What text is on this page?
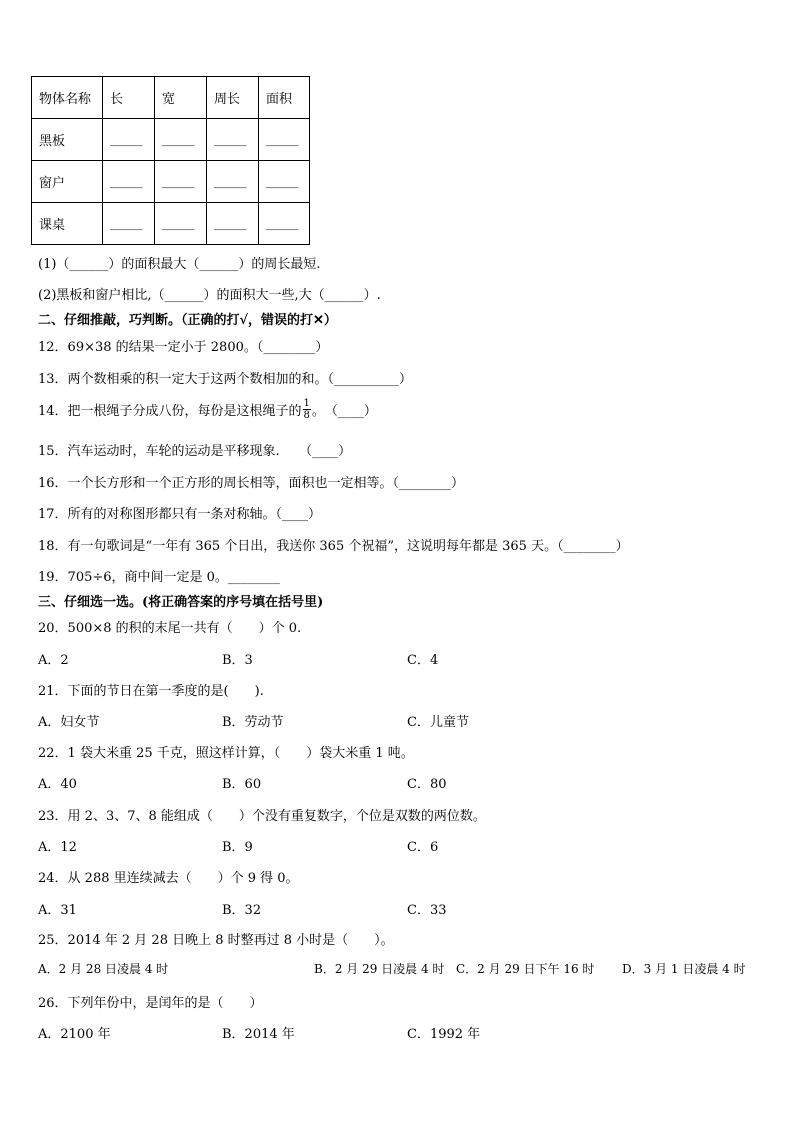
物体名称	长	宽	周长	面积
黑板	_____	_____	_____	_____
窗户	_____	_____	_____	_____
课桌	_____	_____	_____	_____
(1)（______）的面积最大（______）的周长最短.
(2)黑板和窗户相比,（______）的面积大一些,大（______）.
二、仔细推敲，巧判断。（正确的打√，错误的打✕）
12．69×38 的结果一定小于 2800。（________）
13．两个数相乘的积一定大于这两个数相加的和。（__________）
14．把一根绳子分成八份，每份是这根绳子的 $\frac{1}{8}$ 。　（____）
15．汽车运动时，车轮的运动是平移现象.　　（____）
16．一个长方形和一个正方形的周长相等，面积也一定相等。（________）
17．所有的对称图形都只有一条对称轴。（____）
18．有一句歌词是“一年有 365 个日出，我送你 365 个祝福”，这说明每年都是 365 天。（________）
19．705÷6，商中间一定是 0。________
三、仔细选一选。(将正确答案的序号填在括号里)
20．500×8 的积的末尾一共有（　　）个 0.
A．2	B．3	C．4
21．下面的节日在第一季度的是(　　).
A．妇女节	B．劳动节	C．儿童节
22．1 袋大米重 25 千克，照这样计算，（　　）袋大米重 1 吨。
A．40	B．60	C．80
23．用 2、3、7、8 能组成（　　）个没有重复数字，个位是双数的两位数。
A．12	B．9	C．6
24．从 288 里连续减去（　　）个 9 得 0。
A．31	B．32	C．33
25．2014 年 2 月 28 日晚上 8 时整再过 8 小时是（　　）。
A．2 月 28 日凌晨 4 时	B．2 月 29 日凌晨 4 时 C．2 月 29 日下午 16 时 D．3 月 1 日凌晨 4 时
26．下列年份中，是闰年的是（　　）
A．2100 年	B．2014 年	C．1992 年
